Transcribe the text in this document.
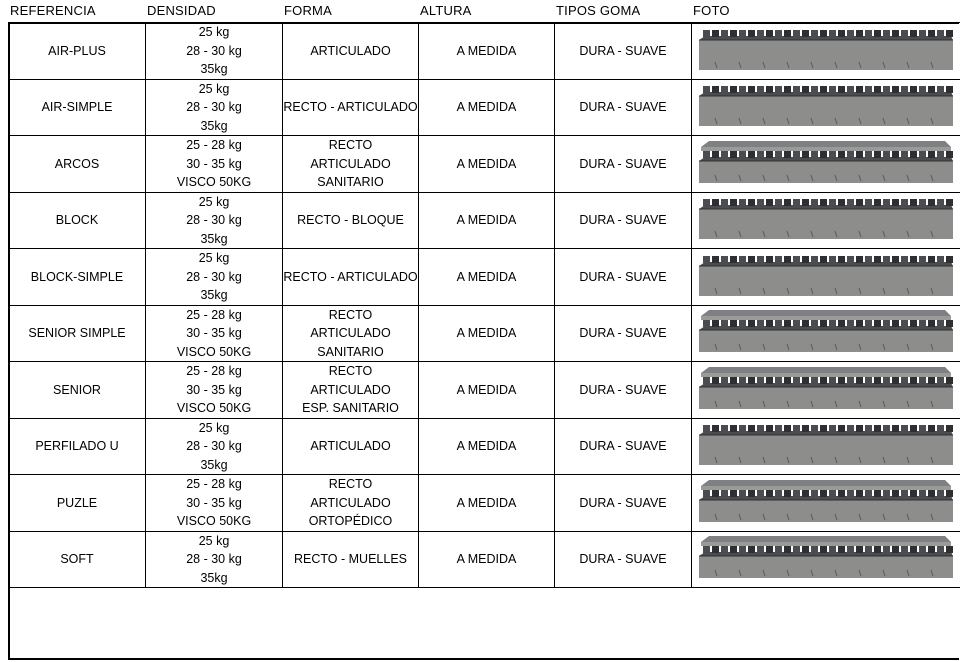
REFERENCIA	DENSIDAD	FORMA	ALTURA	TIPOS GOMA	FOTO
AIR-PLUS	25 kg
28 - 30 kg
35kg	ARTICULADO	A MEDIDA	DURA - SUAVE

AIR-SIMPLE	25 kg
28 - 30 kg
35kg	RECTO - ARTICULADO	A MEDIDA	DURA - SUAVE

ARCOS	25 - 28 kg
30 - 35 kg
VISCO 50KG	RECTO
ARTICULADO
SANITARIO	A MEDIDA	DURA - SUAVE

BLOCK	25 kg
28 - 30 kg
35kg	RECTO - BLOQUE	A MEDIDA	DURA - SUAVE

BLOCK-SIMPLE	25 kg
28 - 30 kg
35kg	RECTO - ARTICULADO	A MEDIDA	DURA - SUAVE

SENIOR SIMPLE	25 - 28 kg
30 - 35 kg
VISCO 50KG	RECTO
ARTICULADO
SANITARIO	A MEDIDA	DURA - SUAVE

SENIOR	25 - 28 kg
30 - 35 kg
VISCO 50KG	RECTO
ARTICULADO
ESP. SANITARIO	A MEDIDA	DURA - SUAVE

PERFILADO U	25 kg
28 - 30 kg
35kg	ARTICULADO	A MEDIDA	DURA - SUAVE

PUZLE	25 - 28 kg
30 - 35 kg
VISCO 50KG	RECTO
ARTICULADO
ORTOPÉDICO	A MEDIDA	DURA - SUAVE

SOFT	25 kg
28 - 30 kg
35kg	RECTO - MUELLES	A MEDIDA	DURA - SUAVE
